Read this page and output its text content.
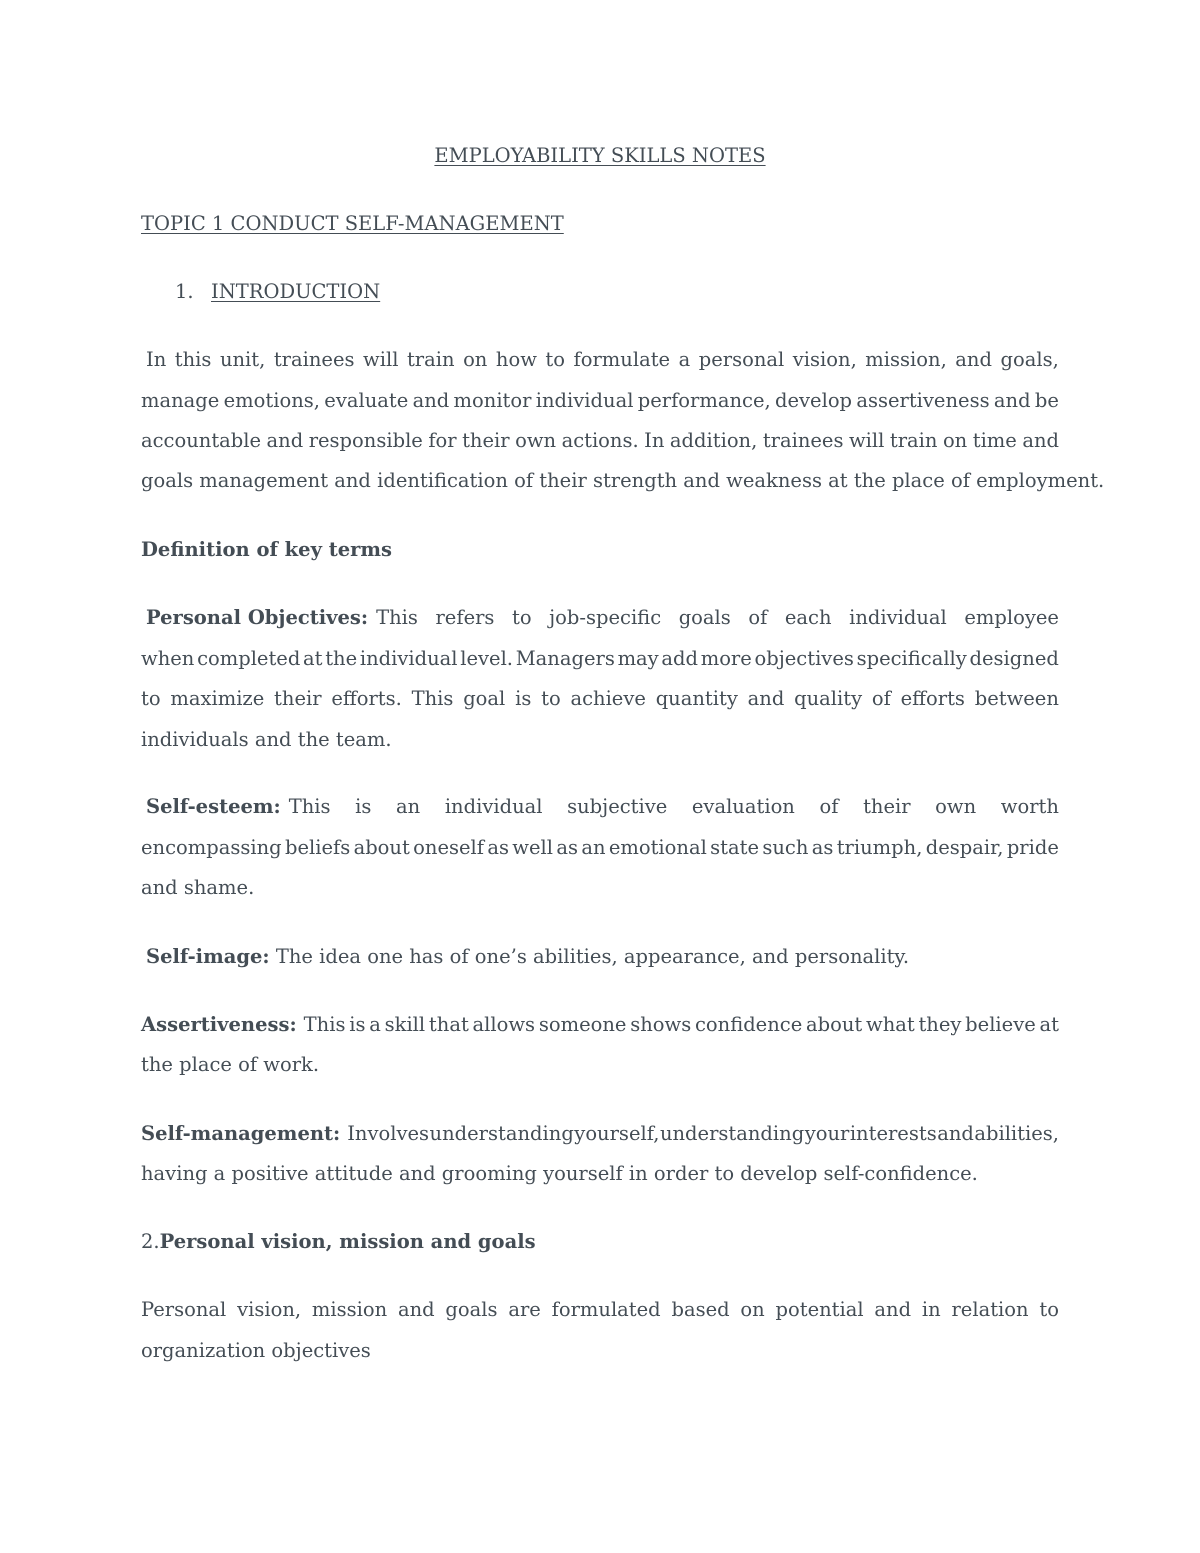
EMPLOYABILITY SKILLS NOTES
TOPIC 1 CONDUCT SELF-MANAGEMENT
1. INTRODUCTION
In this unit, trainees will train on how to formulate a personal vision, mission, and goals,
manage emotions, evaluate and monitor individual performance, develop assertiveness and be
accountable and responsible for their own actions. In addition, trainees will train on time and
goals management and identification of their strength and weakness at the place of employment.
Definition of key terms
Personal Objectives: This refers to job-specific goals of each individual employee
when completed at the individual level. Managers may add more objectives specifically designed
to maximize their efforts. This goal is to achieve quantity and quality of efforts between
individuals and the team.
Self-esteem: This is an individual subjective evaluation of their own worth
encompassing beliefs about oneself as well as an emotional state such as triumph, despair, pride
and shame.
Self-image: The idea one has of one’s abilities, appearance, and personality.
Assertiveness: This is a skill that allows someone shows confidence about what they believe at
the place of work.
Self-management: Involves understanding yourself, understanding your interests and abilities,
having a positive attitude and grooming yourself in order to develop self-confidence.
2.Personal vision, mission and goals
Personal vision, mission and goals are formulated based on potential and in relation to
organization objectives
